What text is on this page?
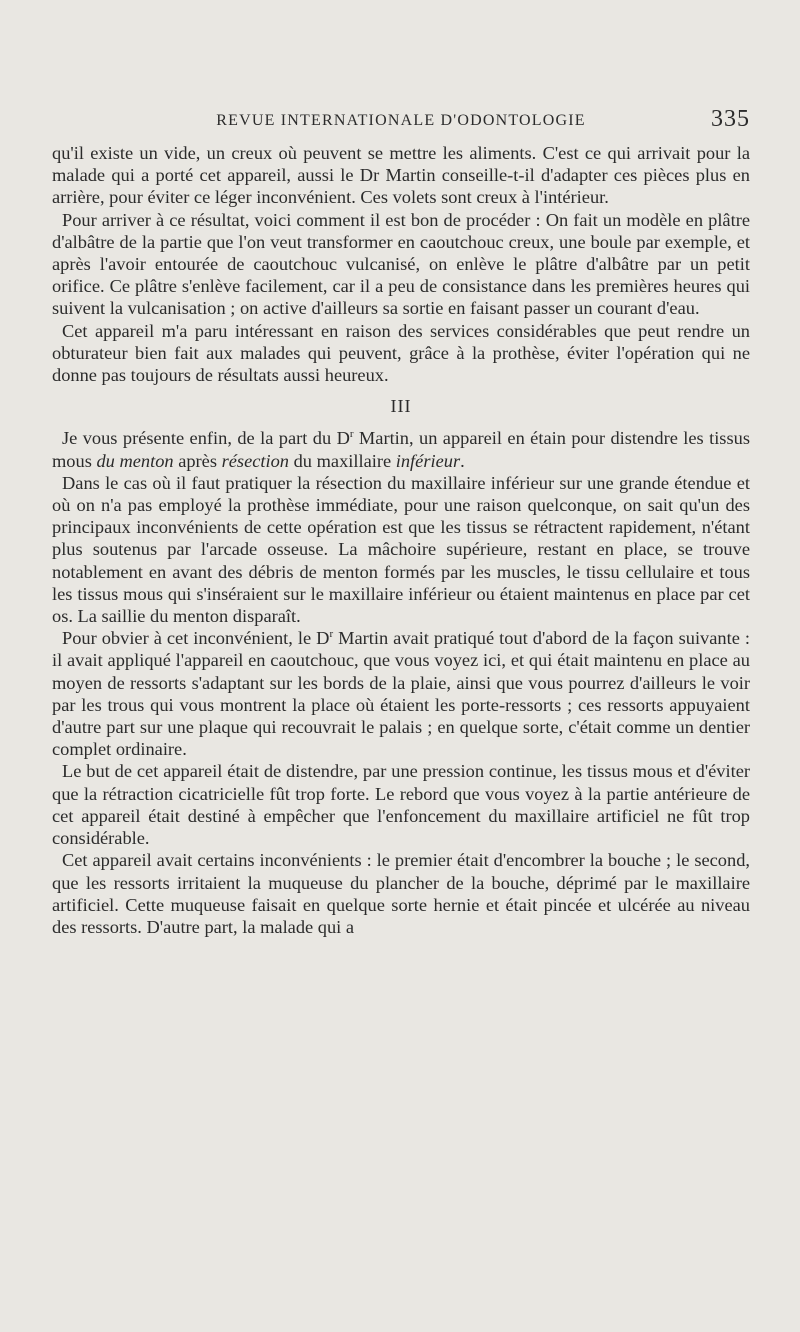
REVUE INTERNATIONALE D'ODONTOLOGIE	335

qu'il existe un vide, un creux où peuvent se mettre les aliments. C'est ce qui arrivait pour la malade qui a porté cet appareil, aussi le Dr Martin conseille-t-il d'adapter ces pièces plus en arrière, pour éviter ce léger inconvénient. Ces volets sont creux à l'intérieur.

Pour arriver à ce résultat, voici comment il est bon de procéder : On fait un modèle en plâtre d'albâtre de la partie que l'on veut transformer en caoutchouc creux, une boule par exemple, et après l'avoir entourée de caoutchouc vulcanisé, on enlève le plâtre d'albâtre par un petit orifice. Ce plâtre s'enlève facilement, car il a peu de consistance dans les premières heures qui suivent la vulcanisation ; on active d'ailleurs sa sortie en faisant passer un courant d'eau.

Cet appareil m'a paru intéressant en raison des services considérables que peut rendre un obturateur bien fait aux malades qui peuvent, grâce à la prothèse, éviter l'opération qui ne donne pas toujours de résultats aussi heureux.

III

Je vous présente enfin, de la part du $D^r$ Martin, un appareil en étain pour distendre les tissus mous du menton après résection du maxillaire inférieur.

Dans le cas où il faut pratiquer la résection du maxillaire inférieur sur une grande étendue et où on n'a pas employé la prothèse immédiate, pour une raison quelconque, on sait qu'un des principaux inconvénients de cette opération est que les tissus se rétractent rapidement, n'étant plus soutenus par l'arcade osseuse. La mâchoire supérieure, restant en place, se trouve notablement en avant des débris de menton formés par les muscles, le tissu cellulaire et tous les tissus mous qui s'inséraient sur le maxillaire inférieur ou étaient maintenus en place par cet os. La saillie du menton disparaît.

Pour obvier à cet inconvénient, le $D^r$ Martin avait pratiqué tout d'abord de la façon suivante : il avait appliqué l'appareil en caoutchouc, que vous voyez ici, et qui était maintenu en place au moyen de ressorts s'adaptant sur les bords de la plaie, ainsi que vous pourrez d'ailleurs le voir par les trous qui vous montrent la place où étaient les porte-ressorts ; ces ressorts appuyaient d'autre part sur une plaque qui recouvrait le palais ; en quelque sorte, c'était comme un dentier complet ordinaire.

Le but de cet appareil était de distendre, par une pression continue, les tissus mous et d'éviter que la rétraction cicatricielle fût trop forte. Le rebord que vous voyez à la partie antérieure de cet appareil était destiné à empêcher que l'enfoncement du maxillaire artificiel ne fût trop considérable.

Cet appareil avait certains inconvénients : le premier était d'encombrer la bouche ; le second, que les ressorts irritaient la muqueuse du plancher de la bouche, déprimé par le maxillaire artificiel. Cette muqueuse faisait en quelque sorte hernie et était pincée et ulcérée au niveau des ressorts. D'autre part, la malade qui a
